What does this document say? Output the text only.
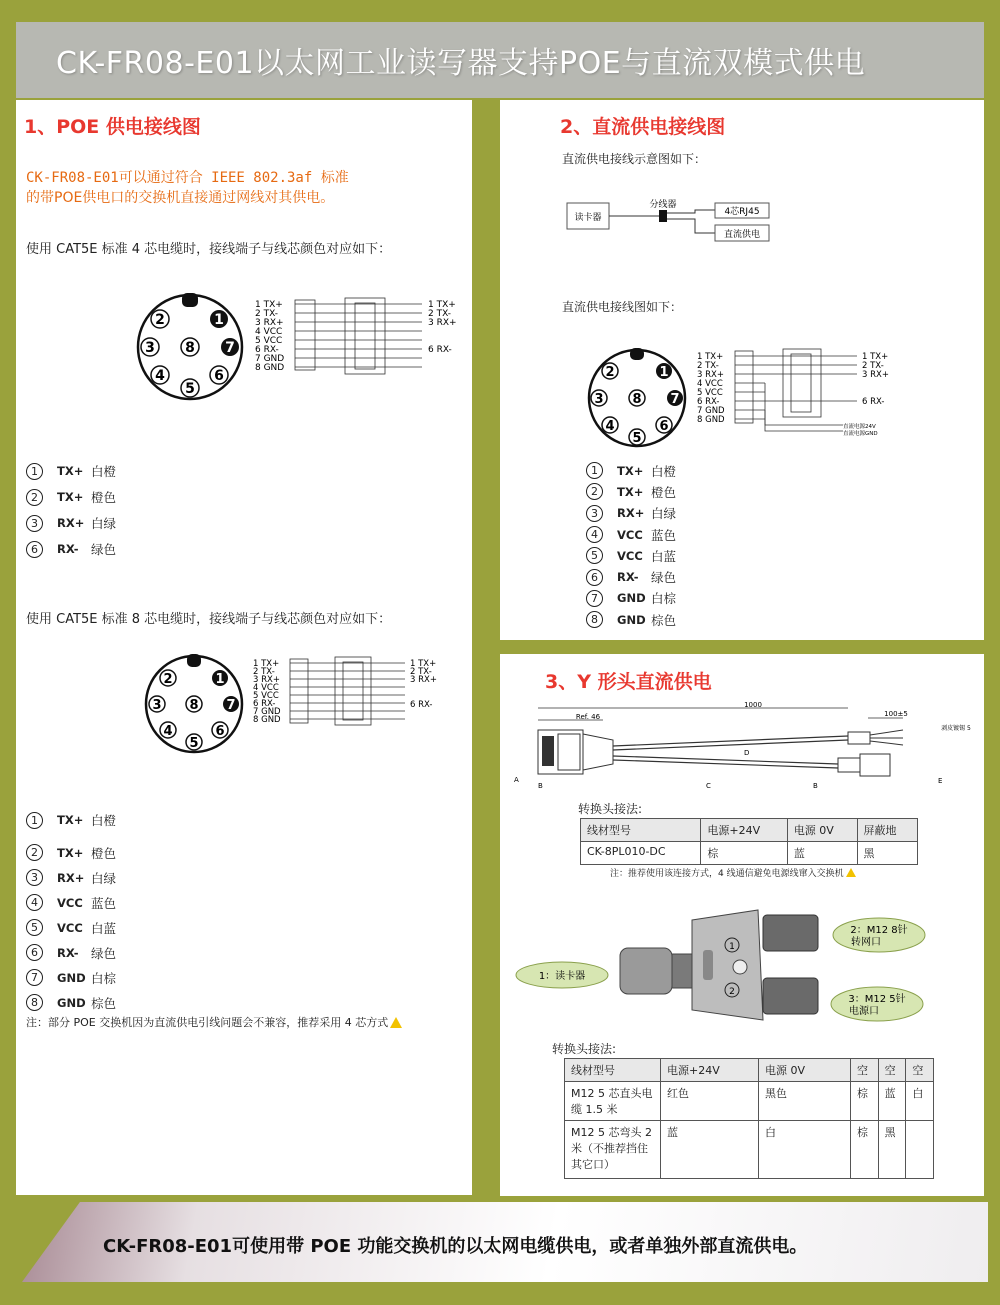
CK-FR08-E01以太网工业读写器支持POE与直流双模式供电
1、POE 供电接线图
CK-FR08-E01可以通过符合 IEEE 802.3af 标准
的带POE供电口的交换机直接通过网线对其供电。
使用 CAT5E 标准 4 芯电缆时，接线端子与线芯颜色对应如下：
2	1
3 8 7
4
5
6
1 TX+
2 TX-
3 RX+
4 VCC
5 VCC
6 RX-
7 GND
8 GND
1 TX+
2 TX-
3 RX+
6 RX-
1	TX+ 白橙
2	TX+ 橙色
3	RX+ 白绿
6	RX- 绿色
使用 CAT5E 标准 8 芯电缆时，接线端子与线芯颜色对应如下：
2	1
3 8 7
4
5
6
1 TX+
2 TX-
3 RX+
4 VCC
5 VCC
6 RX-
7 GND
8 GND
1 TX+
2 TX-
3 RX+
6 RX-
1	TX+ 白橙
2	TX+ 橙色
3	RX+ 白绿
4	VCC 蓝色
5	VCC 白蓝
6	RX- 绿色
7	GND 白棕
8	GND 棕色
注：部分 POE 交换机因为直流供电引线问题会不兼容，推荐采用 4 芯方式
2、直流供电接线图
直流供电接线示意图如下：
读卡器
分线器
4芯RJ45
直流供电
直流供电接线图如下：
2	1
3 8 7
4
5
6
1 TX+
2 TX-
3 RX+
4 VCC
5 VCC
6 RX-
7 GND
8 GND
1 TX+
2 TX-
3 RX+
6 RX-
直流电源24V
直流电源GND
1	TX+ 白橙
2	TX+ 橙色
3	RX+ 白绿
4	VCC 蓝色
5	VCC 白蓝
6	RX- 绿色
7	GND 白棕
8	GND 棕色
3、Y 形头直流供电
1000
Ref. 46	100±5
剥皮镀锡 5
A
B	C
D
B
E
转换头接法:
线材型号	电源+24V	电源 0V	屏蔽地
CK-8PL010-DC	棕	蓝	黑
注：推荐使用该连接方式，4 线通信避免电源线窜入交换机
1：读卡器
1
2
2：M12 8针
转网口
3：M12 5针
电源口
转换头接法:
线材型号	电源+24V	电源 0V	空	空	空
M12 5 芯直头电缆 1.5 米	红色	黑色	棕	蓝	白
M12 5 芯弯头 2 米（不推荐挡住其它口）	蓝	白	棕	黑	
CK-FR08-E01可使用带 POE 功能交换机的以太网电缆供电，或者单独外部直流供电。
